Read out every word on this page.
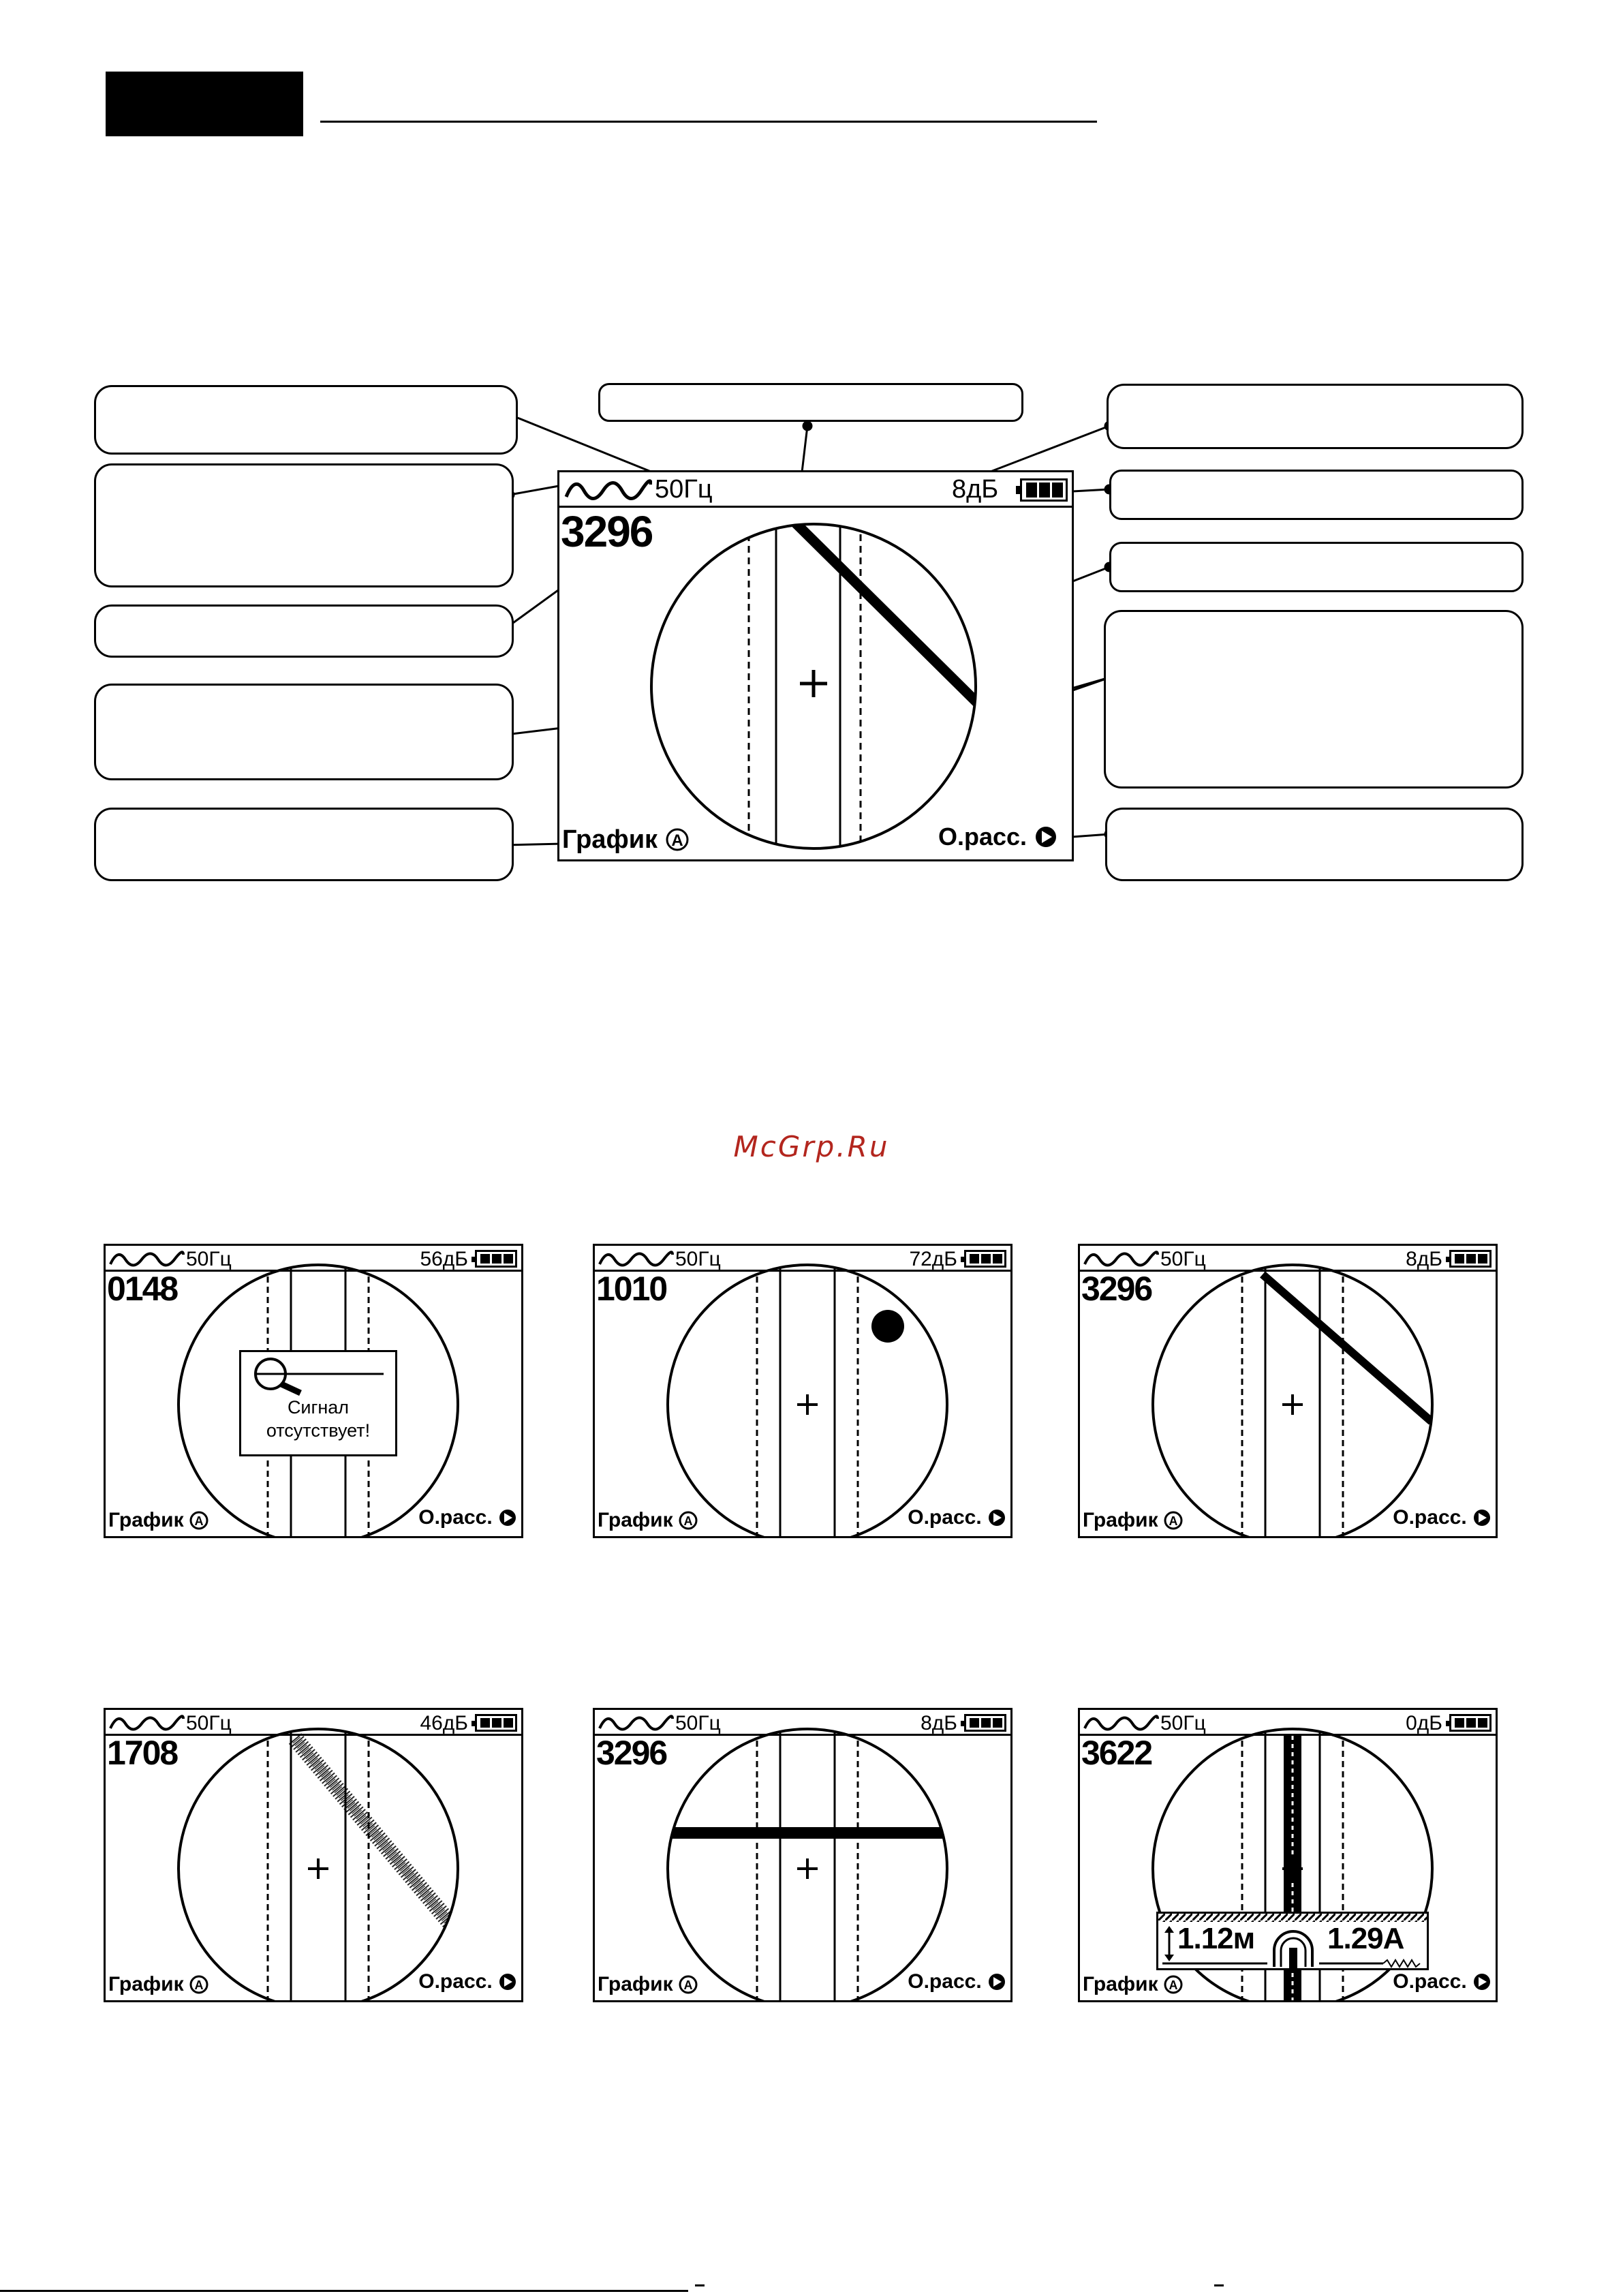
50Гц	8дБ
3296
График A	О.расс.
McGrp.Ru
50Гц	56дБ
0148
График A	О.расс.
Сигнал
отсутствует!
50Гц	72дБ
1010
График A	О.расс.
50Гц	8дБ
3296
График A	О.расс.
50Гц	46дБ
1708
График A	О.расс.
50Гц	8дБ
3296
График A	О.расс.
50Гц	0дБ
3622
График A	О.расс.
1.12м 1.29А
